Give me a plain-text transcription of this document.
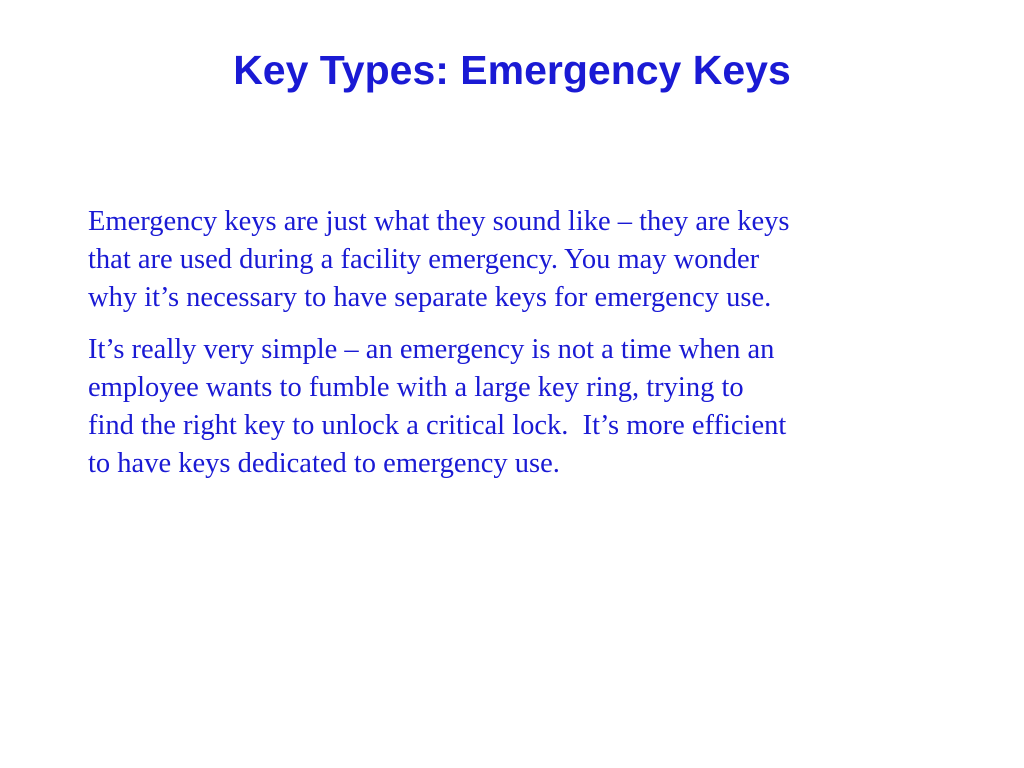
Key Types: Emergency Keys

Emergency keys are just what they sound like – they are keys
that are used during a facility emergency. You may wonder
why it’s necessary to have separate keys for emergency use.

It’s really very simple – an emergency is not a time when an
employee wants to fumble with a large key ring, trying to
find the right key to unlock a critical lock.  It’s more efficient
to have keys dedicated to emergency use.
